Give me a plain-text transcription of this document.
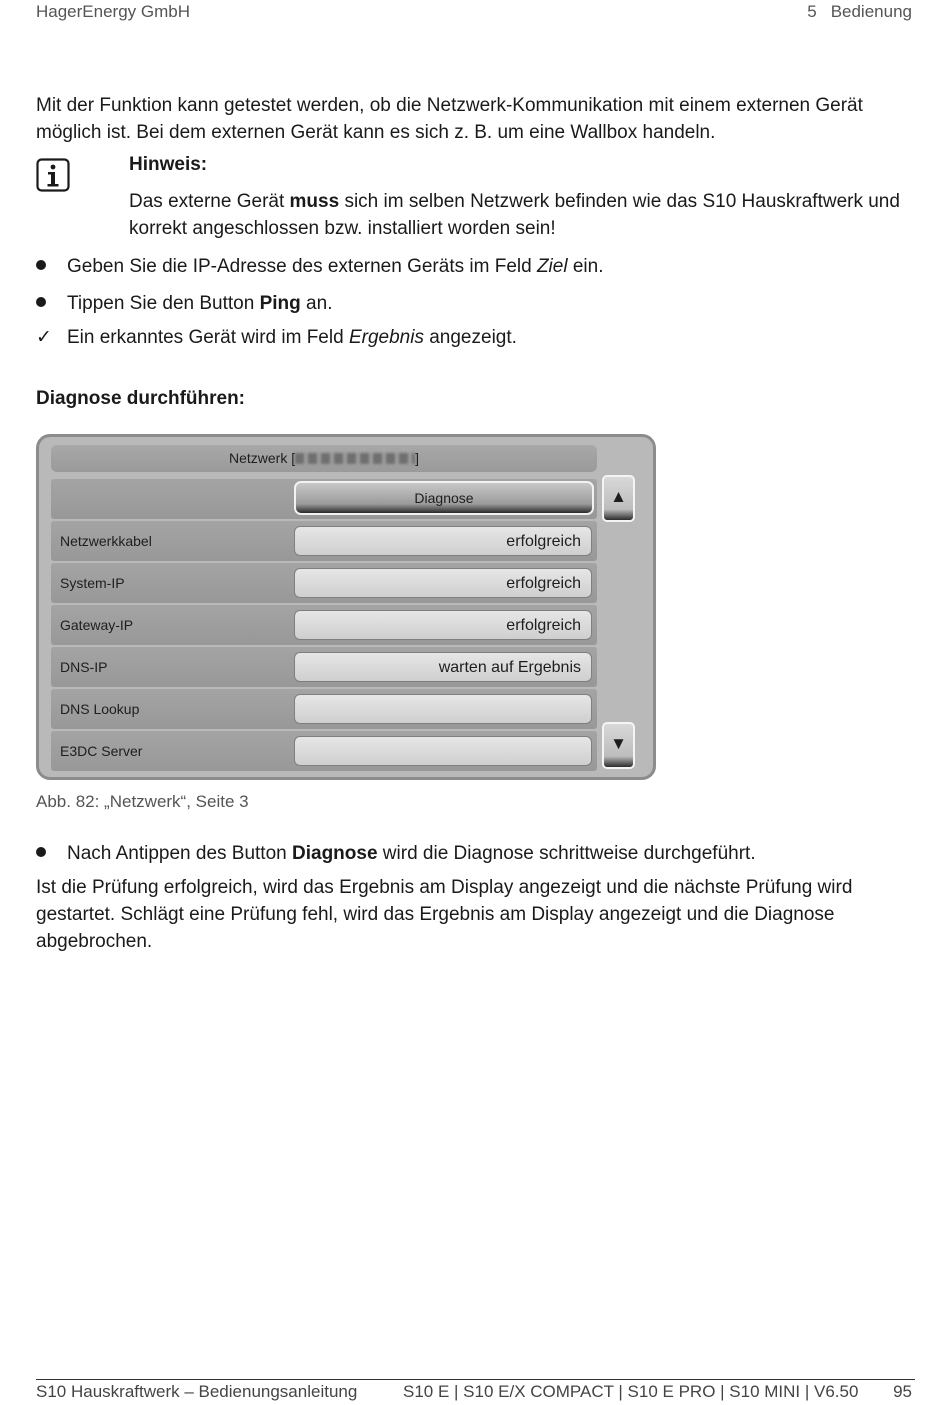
HagerEnergy GmbH	5 Bedienung

Mit der Funktion kann getestet werden, ob die Netzwerk-Kommunikation mit einem externen Gerät möglich ist. Bei dem externen Gerät kann es sich z. B. um eine Wallbox handeln.

Hinweis:
Das externe Gerät muss sich im selben Netzwerk befinden wie das S10 Hauskraftwerk und korrekt angeschlossen bzw. installiert worden sein!
Geben Sie die IP-Adresse des externen Geräts im Feld Ziel ein.
Tippen Sie den Button Ping an.
✓ Ein erkanntes Gerät wird im Feld Ergebnis angezeigt.
Diagnose durchführen:
Netzwerk [	]
Diagnose
Netzwerkkabel	erfolgreich
System-IP	erfolgreich
Gateway-IP	erfolgreich
DNS-IP	warten auf Ergebnis
DNS Lookup
E3DC Server
▲
▼
Abb. 82: „Netzwerk“, Seite 3
Nach Antippen des Button Diagnose wird die Diagnose schrittweise durchgeführt.

Ist die Prüfung erfolgreich, wird das Ergebnis am Display angezeigt und die nächste Prüfung wird gestartet. Schlägt eine Prüfung fehl, wird das Ergebnis am Display angezeigt und die Diagnose abgebrochen.

S10 Hauskraftwerk – Bedienungsanleitung	S10 E | S10 E/X COMPACT | S10 E PRO | S10 MINI | V6.50 95
